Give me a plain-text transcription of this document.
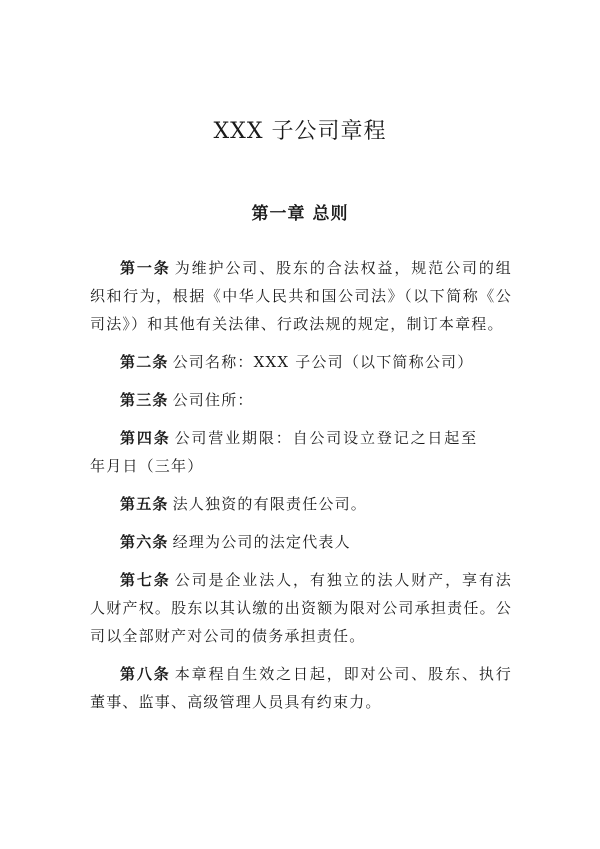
XXX 子公司章程
第一章 总则

第一条 为维护公司、股东的合法权益，规范公司的组织和行为，根据《中华人民共和国公司法》（以下简称《公司法》）和其他有关法律、行政法规的规定，制订本章程。

第二条 公司名称：XXX 子公司（以下简称公司）

第三条 公司住所：

第四条 公司营业期限：自公司设立登记之日起至年月日（三年）

第五条 法人独资的有限责任公司。

第六条 经理为公司的法定代表人

第七条 公司是企业法人，有独立的法人财产，享有法人财产权。股东以其认缴的出资额为限对公司承担责任。公司以全部财产对公司的债务承担责任。

第八条 本章程自生效之日起，即对公司、股东、执行董事、监事、高级管理人员具有约束力。
